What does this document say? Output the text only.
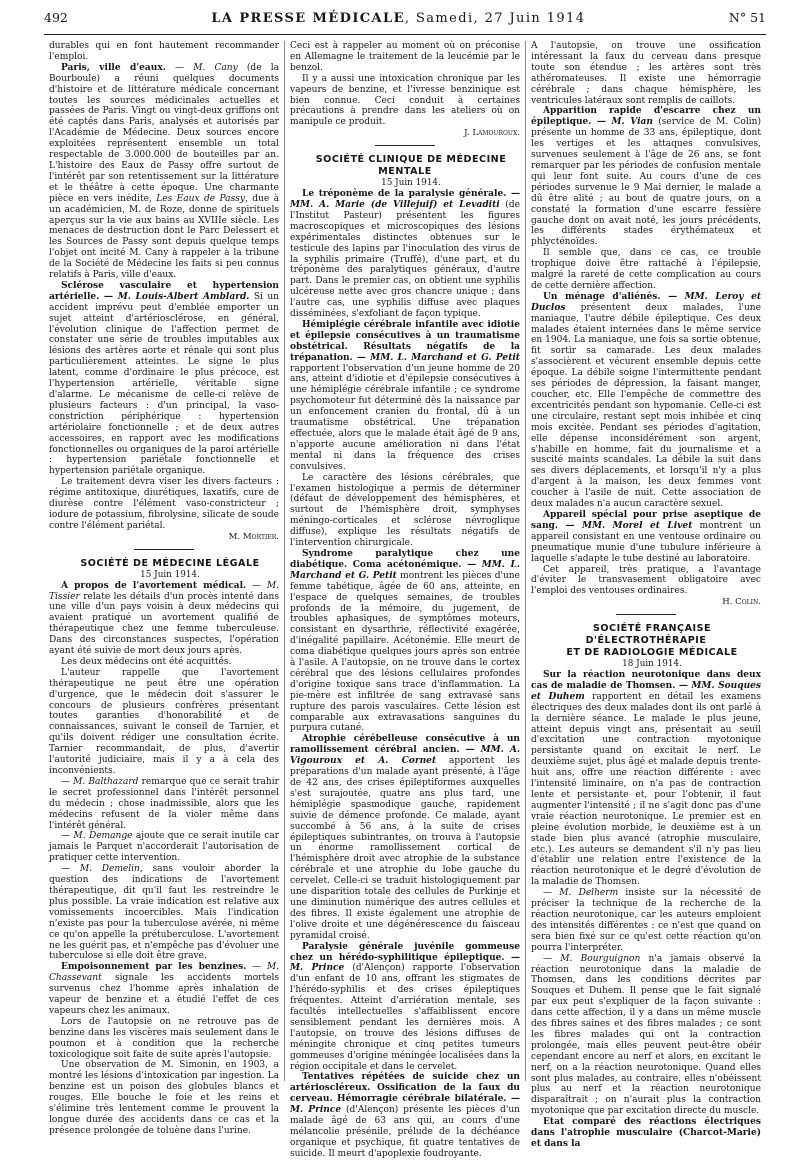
492	LA PRESSE MÉDICALE, Samedi, 27 Juin 1914	N° 51

durables qui en font hautement recommander l'emploi.

Paris, ville d'eaux. — M. Cany (de la Bourboule) a réuni quelques documents d'histoire et de littérature médicale concernant toutes les sources médicinales actuelles et passées de Paris. Vingt ou vingt-deux griffons ont été captés dans Paris, analysés et autorisés par l'Académie de Médecine. Deux sources encore exploitées représentent ensemble un total respectable de 3.000.000 de bouteilles par an. L'histoire des Eaux de Passy offre surtout de l'intérêt par son retentissement sur la littérature et le théâtre à cette époque. Une charmante pièce en vers inédite, Les Eaux de Passy, due à un académicien, M. de Roze, donne de spirituels aperçus sur la vie aux bains au XVIIIe siècle. Les menaces de destruction dont le Parc Delessert et les Sources de Passy sont depuis quelque temps l'objet ont incité M. Cany à rappeler à la tribune de la Société de Médecine les faits si peu connus relatifs à Paris, ville d'eaux.

Sclérose vasculaire et hypertension artérielle. — M. Louis-Albert Amblard. Si un accident imprévu peut d'emblée emporter un sujet atteint d'artériosclérose, en général, l'évolution clinique de l'affection permet de constater une série de troubles imputables aux lésions des artères aorte et rénale qui sont plus particulièrement atteintes. Le signe le plus latent, comme d'ordinaire le plus précoce, est l'hypertension artérielle, véritable signe d'alarme. Le mécanisme de celle-ci relève de plusieurs facteurs : d'un principal, la vaso-constriction périphérique : hypertension artériolaire fonctionnelle ; et de deux autres accessoires, en rapport avec les modifications fonctionnelles ou organiques de la paroi artérielle : hypertension pariétale fonctionnelle et hypertension pariétale organique.

Le traitement devra viser les divers facteurs : régime antitoxique, diurétiques, laxatifs, cure de diurèse contre l'élément vaso-constricteur ; iodure de potassium, fibrolysine, silicate de soude contre l'élément pariétal.

M. Mortier.

SOCIÉTÉ DE MÉDECINE LÉGALE

15 Juin 1914.

A propos de l'avortement médical. — M. Tissier relate les détails d'un procès intenté dans une ville d'un pays voisin à deux médecins qui avaient pratiqué un avortement qualifié de thérapeutique chez une femme tuberculeuse. Dans des circonstances suspectes, l'opération ayant été suivie de mort deux jours après.

Les deux médecins ont été acquittés.

L'auteur rappelle que l'avortement thérapeutique ne peut être une opération d'urgence, que le médecin doit s'assurer le concours de plusieurs confrères présentant toutes garanties d'honorabilité et de connaissances, suivant le conseil de Tarnier, et qu'ils doivent rédiger une consultation écrite. Tarnier recommandait, de plus, d'avertir l'autorité judiciaire, mais il y a à cela des inconvénients.

— M. Balthazard remarque que ce serait trahir le secret professionnel dans l'intérêt personnel du médecin ; chose inadmissible, alors que les médecins refusent de la violer même dans l'intérêt général.

— M. Demange ajoute que ce serait inutile car jamais le Parquet n'accorderait l'autorisation de pratiquer cette intervention.

— M. Demelin, sans vouloir aborder la question des indications de l'avortement thérapeutique, dit qu'il faut les restreindre le plus possible. La vraie indication est relative aux vomissements incoercibles. Mais l'indication n'existe pas pour la tuberculose avérée, ni même ce qu'on appelle la prétuberculose. L'avortement ne les guérit pas, et n'empêche pas d'évoluer une tuberculose si elle doit être grave.

Empoisonnement par les benzines. — M. Chassevant signale les accidents mortels survenus chez l'homme après inhalation de vapeur de benzine et a étudié l'effet de ces vapeurs chez les animaux.

Lors de l'autopsie on ne retrouve pas de benzine dans les viscères mais seulement dans le poumon et à condition que la recherche toxicologique soit faite de suite après l'autopsie.

Une observation de M. Simonin, en 1903, a montré les lésions d'intoxication par ingestion. La benzine est un poison des globules blancs et rouges. Elle bouche le foie et les reins et s'élimine très lentement comme le prouvent la longue durée des accidents dans ce cas et la présence prolongée de toluène dans l'urine.

Ceci est à rappeler au moment où on préconise en Allemagne le traitement de la leucémie par le benzol.

Il y a aussi une intoxication chronique par les vapeurs de benzine, et l'ivresse benzinique est bien connue. Ceci conduit à certaines précautions à prendre dans les ateliers où on manipule ce produit.

J. Lamouroux.

SOCIÉTÉ CLINIQUE DE MÉDECINE MENTALE

15 Juin 1914.

Le tréponème de la paralysie générale. — MM. A. Marie (de Villejuif) et Levaditi (de l'Institut Pasteur) présentent les figures macroscopiques et microscopiques des lésions expérimentales distinctes obtenues sur le testicule des lapins par l'inoculation des virus de la syphilis primaire (Truffé), d'une part, et du tréponème des paralytiques généraux, d'autre part. Dans le premier cas, on obtient une syphilis ulcéreuse nette avec gros chancre unique ; dans l'autre cas, une syphilis diffuse avec plaques disséminées, s'exfoliant de façon typique.

Hémiplégie cérébrale infantile avec idiotie et épilepsie consécutives à un traumatisme obstétrical. Résultats négatifs de la trépanation. — MM. L. Marchand et G. Petit rapportent l'observation d'un jeune homme de 20 ans, atteint d'idiotie et d'épilepsie consécutives à une hémiplégie cérébrale infantile ; ce syndrome psychomoteur fut déterminé dès la naissance par un enfoncement cranien du frontal, dû à un traumatisme obstétrical. Une trépanation effectuée, alors que le malade était âgé de 9 ans, n'apporte aucune amélioration ni dans l'état mental ni dans la fréquence des crises convulsives.

Le caractère des lésions cérébrales, que l'examen histologique a permis de déterminer (défaut de développement des hémisphères, et surtout de l'hémisphère droit, symphyses méningo-corticales et sclérose névroglique diffuse), explique les résultats négatifs de l'intervention chirurgicale.

Syndrome paralytique chez une diabétique. Coma acétonémique. — MM. L. Marchand et G. Petit montrent les pièces d'une femme tabétique, âgée de 60 ans, atteinte, en l'espace de quelques semaines, de troubles profonds de la mémoire, du jugement, de troubles aphasiques, de symptômes moteurs, consistant en dysarthrie, réflectivité exagérée, d'inégalité papillaire. Acétonémie. Elle meurt de coma diabétique quelques jours après son entrée à l'asile. A l'autopsie, on ne trouve dans le cortex cérébral que des lésions cellulaires profondes d'origine toxique sans trace d'inflammation. La pie-mère est infiltrée de sang extravasé sans rupture des parois vasculaires. Cette lésion est comparable aux extravasations sanguines du purpura cutané.

Atrophie cérébelleuse consécutive à un ramollissement cérébral ancien. — MM. A. Vigouroux et A. Cornet apportent les préparations d'un malade ayant présenté, à l'âge de 42 ans, des crises épileptiformes auxquelles s'est surajoutée, quatre ans plus tard, une hémiplégie spasmodique gauche, rapidement suivie de démence profonde. Ce malade, ayant succombé à 56 ans, à la suite de crises épileptiques subintrantes, on trouva à l'autopsie un énorme ramollissement cortical de l'hémisphère droit avec atrophie de la substance cérébrale et une atrophie du lobe gauche du cervelet. Celle-ci se traduit histologiquement par une disparition totale des cellules de Purkinje et une diminution numérique des autres cellules et des fibres. Il existe également une atrophie de l'olive droite et une dégénérescence du faisceau pyramidal croisé.

Paralysie générale juvénile gommeuse chez un hérédo-syphilitique épileptique. — M. Prince (d'Alençon) rapporte l'observation d'un enfant de 10 ans, offrant les stigmates de l'hérédo-syphilis et des crises épileptiques fréquentes. Atteint d'arriération mentale, ses facultés intellectuelles s'affaiblissent encore sensiblement pendant les dernières mois. A l'autopsie, on trouve des lésions diffuses de méningite chronique et cinq petites tumeurs gommeuses d'origine méningée localisées dans la région occipitale et dans le cervelet.

Tentatives répétées de suicide chez un artérioscléreux. Ossification de la faux du cerveau. Hémorragie cérébrale bilatérale. — M. Prince (d'Alençon) présente les pièces d'un malade âgé de 63 ans qui, au cours d'une mélancolie présénile, prélude de la déchéance organique et psychique, fit quatre tentatives de suicide. Il meurt d'apoplexie foudroyante.

A l'autopsie, on trouve une ossification intéressant la faux du cerveau dans presque toute son étendue ; les artères sont très athéromateuses. Il existe une hémorragie cérébrale ; dans chaque hémisphère, les ventricules latéraux sont remplis de caillots.

Apparition rapide d'escarre chez un épileptique. — M. Vian (service de M. Colin) présente un homme de 33 ans, épileptique, dont les vertiges et les attaques convulsives, survenues seulement à l'âge de 26 ans, se font remarquer par les périodes de confusion mentale qui leur font suite. Au cours d'une de ces périodes survenue le 9 Mai dernier, le malade a dû être alité ; au bout de quatre jours, on a constaté la formation d'une escarre fessière gauche dont on avait noté, les jours précédents, les différents stades érythémateux et phlycténoïdes.

Il semble que, dans ce cas, ce trouble trophique doive être rattaché à l'épilepsie, malgré la rareté de cette complication au cours de cette dernière affection.

Un ménage d'aliénés. — MM. Leroy et Duclos présentent deux malades, l'une maniaque, l'autre débile épileptique. Ces deux malades étaient internées dans le même service en 1904. La maniaque, une fois sa sortie obtenue, fit sortir sa camarade. Les deux malades s'associèrent et vécurent ensemble depuis cette époque. La débile soigne l'intermittente pendant ses périodes de dépression, la faisant manger, coucher, etc. Elle l'empêche de commettre des excentricités pendant son hypomanie. Celle-ci est une circulaire, restant sept mois inhibée et cinq mois excitée. Pendant ses périodes d'agitation, elle dépense inconsidérément son argent, s'habille en homme, fait du journalisme et a suscité maints scandales. La débile la suit dans ses divers déplacements, et lorsqu'il n'y a plus d'argent à la maison, les deux femmes vont coucher à l'asile de nuit. Cette association de deux malades n'a aucun caractère sexuel.

Appareil spécial pour prise aseptique de sang. — MM. Morel et Livet montrent un appareil consistant en une ventouse ordinaire ou pneumatique munie d'une tubulure inférieure à laquelle s'adapte le tube destiné au laboratoire.

Cet appareil, très pratique, a l'avantage d'éviter le transvasement obligatoire avec l'emploi des ventouses ordinaires.

H. Colin.

SOCIÉTÉ FRANÇAISE D'ÉLECTROTHÉRAPIE

ET DE RADIOLOGIE MÉDICALE

18 Juin 1914.

Sur la réaction neurotonique dans deux cas de maladie de Thomsen. — MM. Souques et Duhem rapportent en détail les examens électriques des deux malades dont ils ont parlé à la dernière séance. Le malade le plus jeune, atteint depuis vingt ans, présentait au seuil d'excitation une contraction myotonique persistante quand on excitait le nerf. Le deuxième sujet, plus âgé et malade depuis trente-huit ans, offre une réaction différente : avec l'intensité liminaire, on n'a pas de contraction lente et persistante et, pour l'obtenir, il faut augmenter l'intensité ; il ne s'agit donc pas d'une vraie réaction neurotonique. Le premier est en pleine évolution morbide, le deuxième est à un stade bien plus avancé (atrophie musculaire, etc.). Les auteurs se demandent s'il n'y pas lieu d'établir une relation entre l'existence de la réaction neurotonique et le degré d'évolution de la maladie de Thomsen.

— M. Delherm insiste sur la nécessité de préciser la technique de la recherche de la réaction neurotonique, car les auteurs emploient des intensités différentes : ce n'est que quand on sera bien fixé sur ce qu'est cette réaction qu'on pourra l'interpréter.

— M. Bourguignon n'a jamais observé la réaction neurotonique dans la maladie de Thomsen, dans les conditions décrites par Souques et Duhem. Il pense que le fait signalé par eux peut s'expliquer de la façon suivante : dans cette affection, il y a dans un même muscle des fibres saines et des fibres malades ; ce sont les fibres malades qui ont la contraction prolongée, mais elles peuvent peut-être obéir cependant encore au nerf et alors, en excitant le nerf, on a la réaction neurotonique. Quand elles sont plus malades, au contraire, elles n'obéissent plus au nerf et la réaction neurotonique disparaîtrait ; on n'aurait plus la contraction myotonique que par excitation directe du muscle.

Etat comparé des réactions électriques dans l'atrophie musculaire (Charcot-Marie) et dans la
